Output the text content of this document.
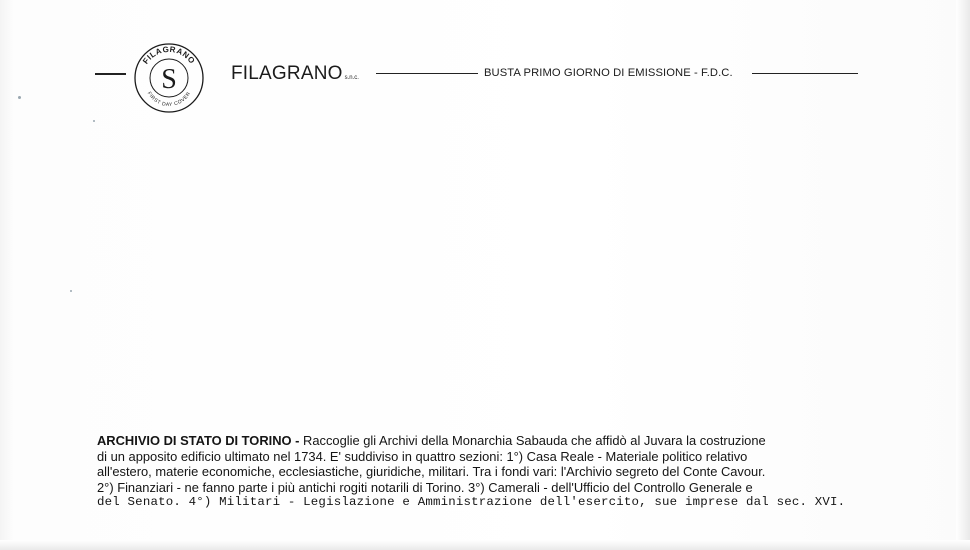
S
FILAGRANO
FIRST DAY COVER
FILAGRANO s.n.c.	BUSTA PRIMO GIORNO DI EMISSIONE - F.D.C.
ARCHIVIO DI STATO DI TORINO - Raccoglie gli Archivi della Monarchia Sabauda che affidò al Juvara la costruzione
di un apposito edificio ultimato nel 1734. E' suddiviso in quattro sezioni: 1°) Casa Reale - Materiale politico relativo
all'estero, materie economiche, ecclesiastiche, giuridiche, militari. Tra i fondi vari: l'Archivio segreto del Conte Cavour.
2°) Finanziari - ne fanno parte i più antichi rogiti notarili di Torino. 3°) Camerali - dell'Ufficio del Controllo Generale e
del Senato. 4°) Militari - Legislazione e Amministrazione dell'esercito, sue imprese dal sec. XVI.
